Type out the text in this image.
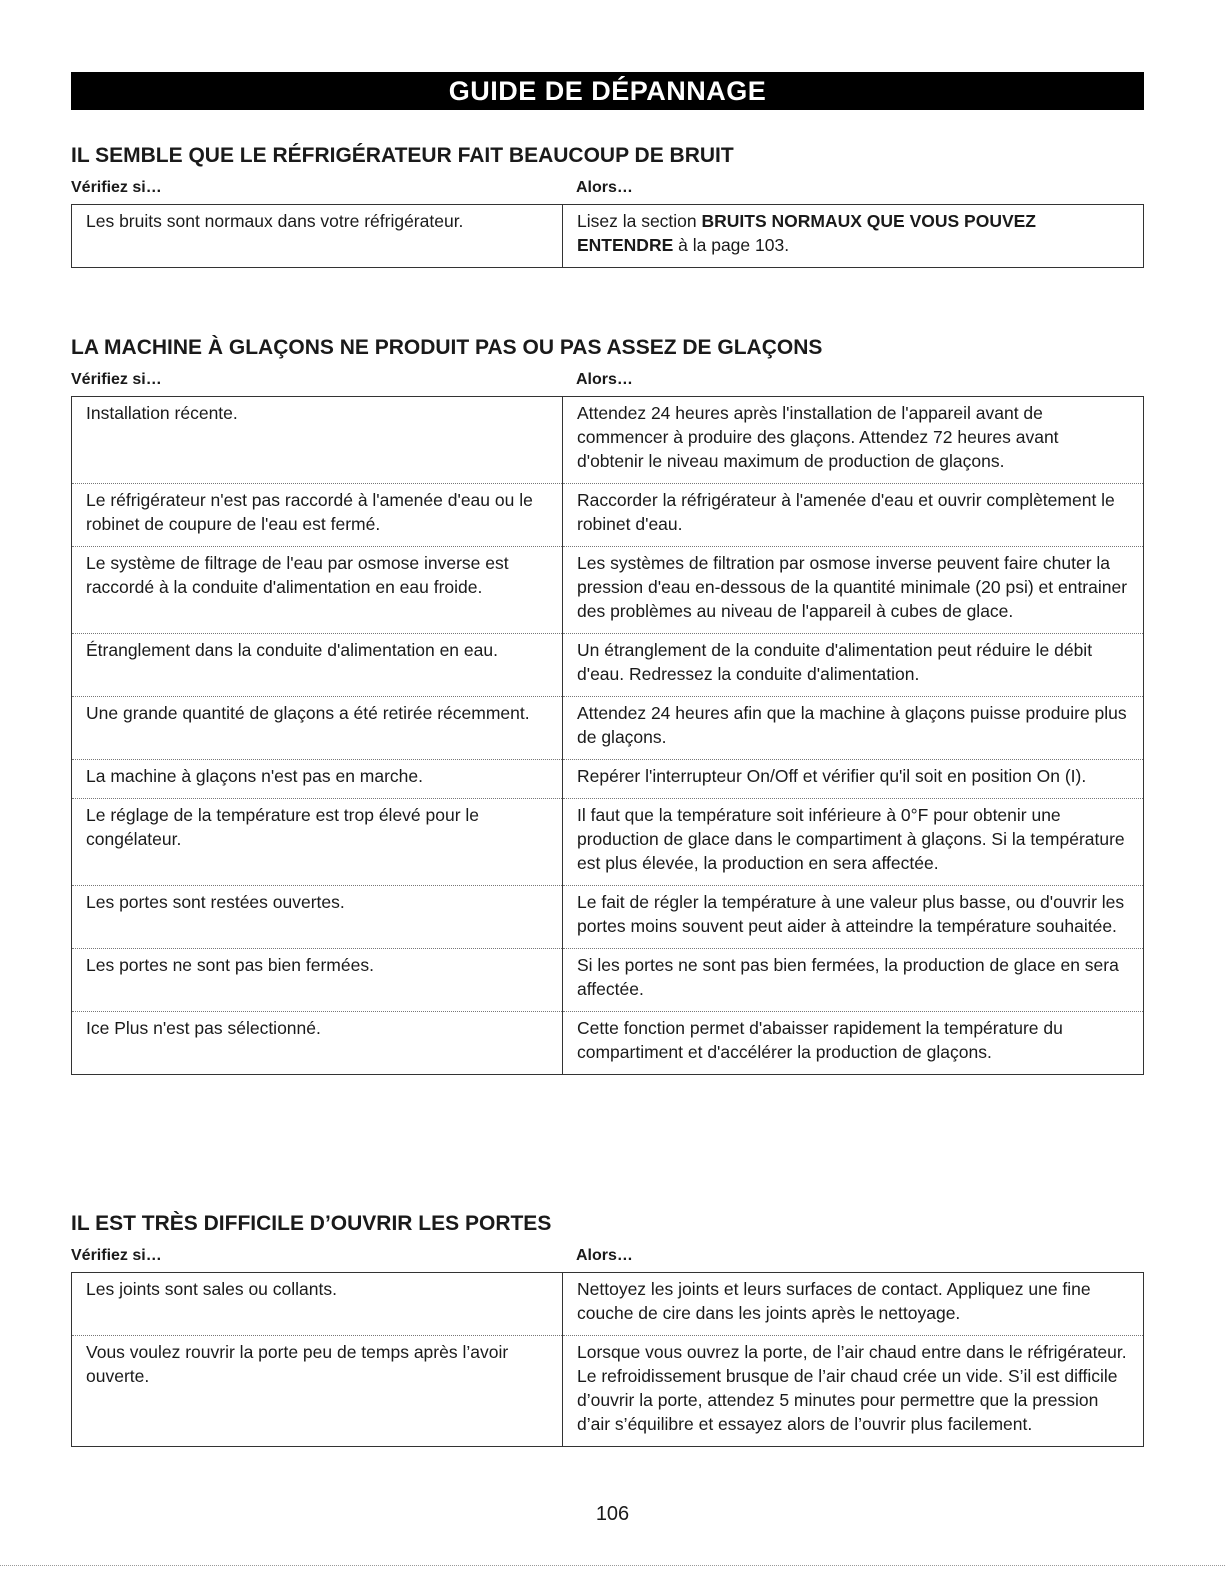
GUIDE DE DÉPANNAGE
IL SEMBLE QUE LE RÉFRIGÉRATEUR FAIT BEAUCOUP DE BRUIT
Vérifiez si…	Alors…
Les bruits sont normaux dans votre réfrigérateur.	Lisez la section BRUITS NORMAUX QUE VOUS POUVEZ ENTENDRE à la page 103.
LA MACHINE À GLAÇONS NE PRODUIT PAS OU PAS ASSEZ DE GLAÇONS
Vérifiez si…	Alors…
Installation récente.	Attendez 24 heures après l'installation de l'appareil avant de commencer à produire des glaçons. Attendez 72 heures avant d'obtenir le niveau maximum de production de glaçons.
Le réfrigérateur n'est pas raccordé à l'amenée d'eau ou le robinet de coupure de l'eau est fermé.	Raccorder la réfrigérateur à l'amenée d'eau et ouvrir complètement le robinet d'eau.
Le système de filtrage de l'eau par osmose inverse est raccordé à la conduite d'alimentation en eau froide.	Les systèmes de filtration par osmose inverse peuvent faire chuter la pression d'eau en-dessous de la quantité minimale (20 psi) et entrainer des problèmes au niveau de l'appareil à cubes de glace.
Étranglement dans la conduite d'alimentation en eau.	Un étranglement de la conduite d'alimentation peut réduire le débit d'eau. Redressez la conduite d'alimentation.
Une grande quantité de glaçons a été retirée récemment.	Attendez 24 heures afin que la machine à glaçons puisse produire plus de glaçons.
La machine à glaçons n'est pas en marche.	Repérer l'interrupteur On/Off et vérifier qu'il soit en position On (I).
Le réglage de la température est trop élevé pour le congélateur.	Il faut que la température soit inférieure à 0°F pour obtenir une production de glace dans le compartiment à glaçons. Si la température est plus élevée, la production en sera affectée.
Les portes sont restées ouvertes.	Le fait de régler la température à une valeur plus basse, ou d'ouvrir les portes moins souvent peut aider à atteindre la température souhaitée.
Les portes ne sont pas bien fermées.	Si les portes ne sont pas bien fermées, la production de glace en sera affectée.
Ice Plus n'est pas sélectionné.	Cette fonction permet d'abaisser rapidement la température du compartiment et d'accélérer la production de glaçons.
IL EST TRÈS DIFFICILE D’OUVRIR LES PORTES
Vérifiez si…	Alors…
Les joints sont sales ou collants.	Nettoyez les joints et leurs surfaces de contact. Appliquez une fine couche de cire dans les joints après le nettoyage.
Vous voulez rouvrir la porte peu de temps après l’avoir ouverte.	Lorsque vous ouvrez la porte, de l’air chaud entre dans le réfrigérateur. Le refroidissement brusque de l’air chaud crée un vide. S’il est difficile d’ouvrir la porte, attendez 5 minutes pour permettre que la pression d’air s’équilibre et essayez alors de l’ouvrir plus facilement.
106
